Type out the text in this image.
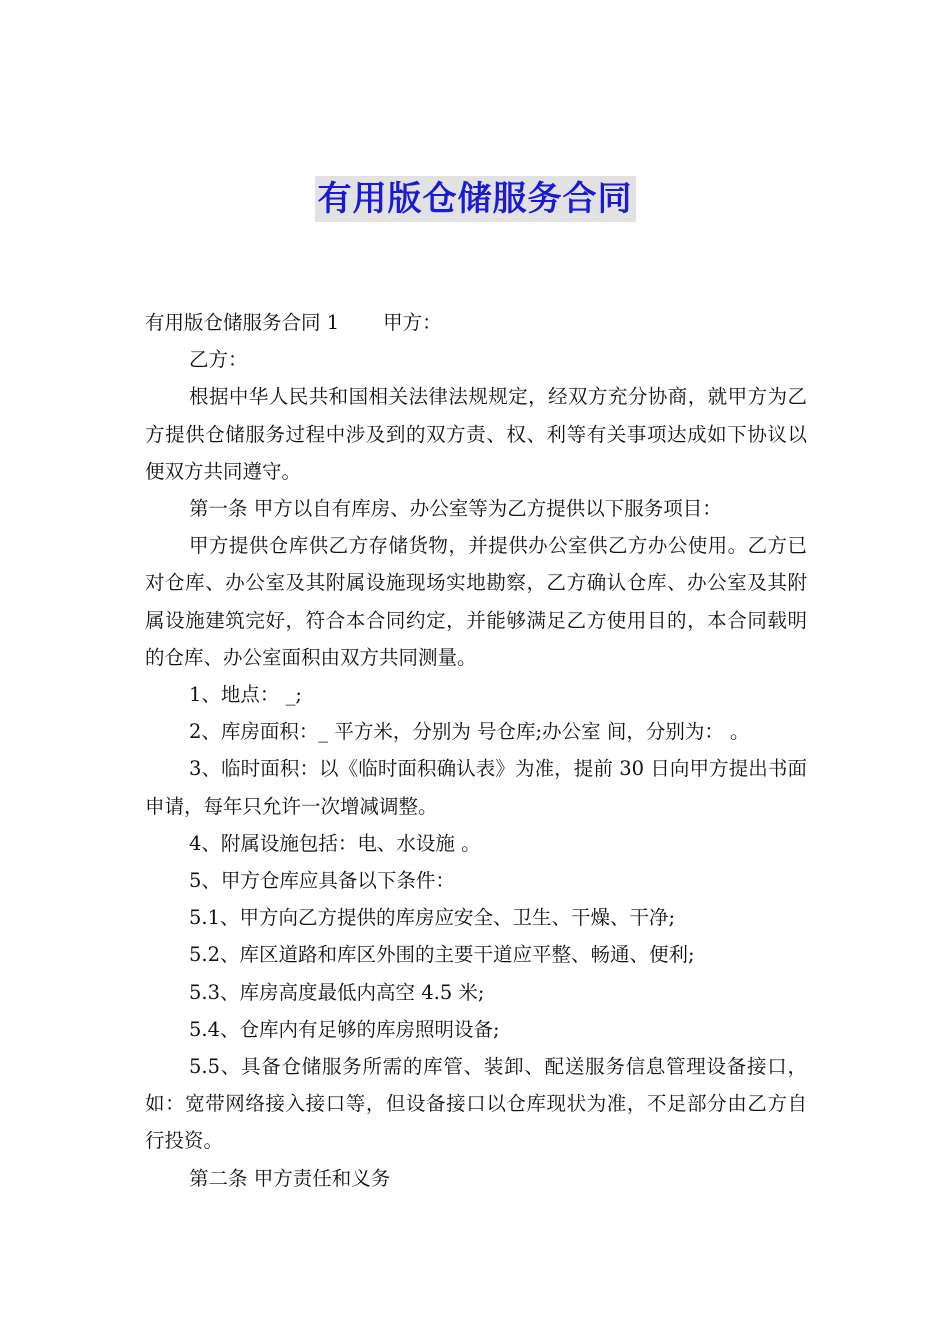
有用版仓储服务合同

有用版仓储服务合同 1 甲方：

乙方：

根据中华人民共和国相关法律法规规定，经双方充分协商，就甲方为乙方提供仓储服务过程中涉及到的双方责、权、利等有关事项达成如下协议以便双方共同遵守。

第一条 甲方以自有库房、办公室等为乙方提供以下服务项目：

甲方提供仓库供乙方存储货物，并提供办公室供乙方办公使用。乙方已对仓库、办公室及其附属设施现场实地勘察，乙方确认仓库、办公室及其附属设施建筑完好，符合本合同约定，并能够满足乙方使用目的，本合同载明的仓库、办公室面积由双方共同测量。

1、地点： _;

2、库房面积：_ 平方米，分别为 号仓库;办公室 间，分别为： 。

3、临时面积：以《临时面积确认表》为准，提前 30 日向甲方提出书面申请，每年只允许一次增减调整。

4、附属设施包括：电、水设施 。

5、甲方仓库应具备以下条件：

5.1、甲方向乙方提供的库房应安全、卫生、干燥、干净;

5.2、库区道路和库区外围的主要干道应平整、畅通、便利;

5.3、库房高度最低内高空 4.5 米;

5.4、仓库内有足够的库房照明设备;

5.5、具备仓储服务所需的库管、装卸、配送服务信息管理设备接口，如：宽带网络接入接口等，但设备接口以仓库现状为准，不足部分由乙方自行投资。

第二条 甲方责任和义务
